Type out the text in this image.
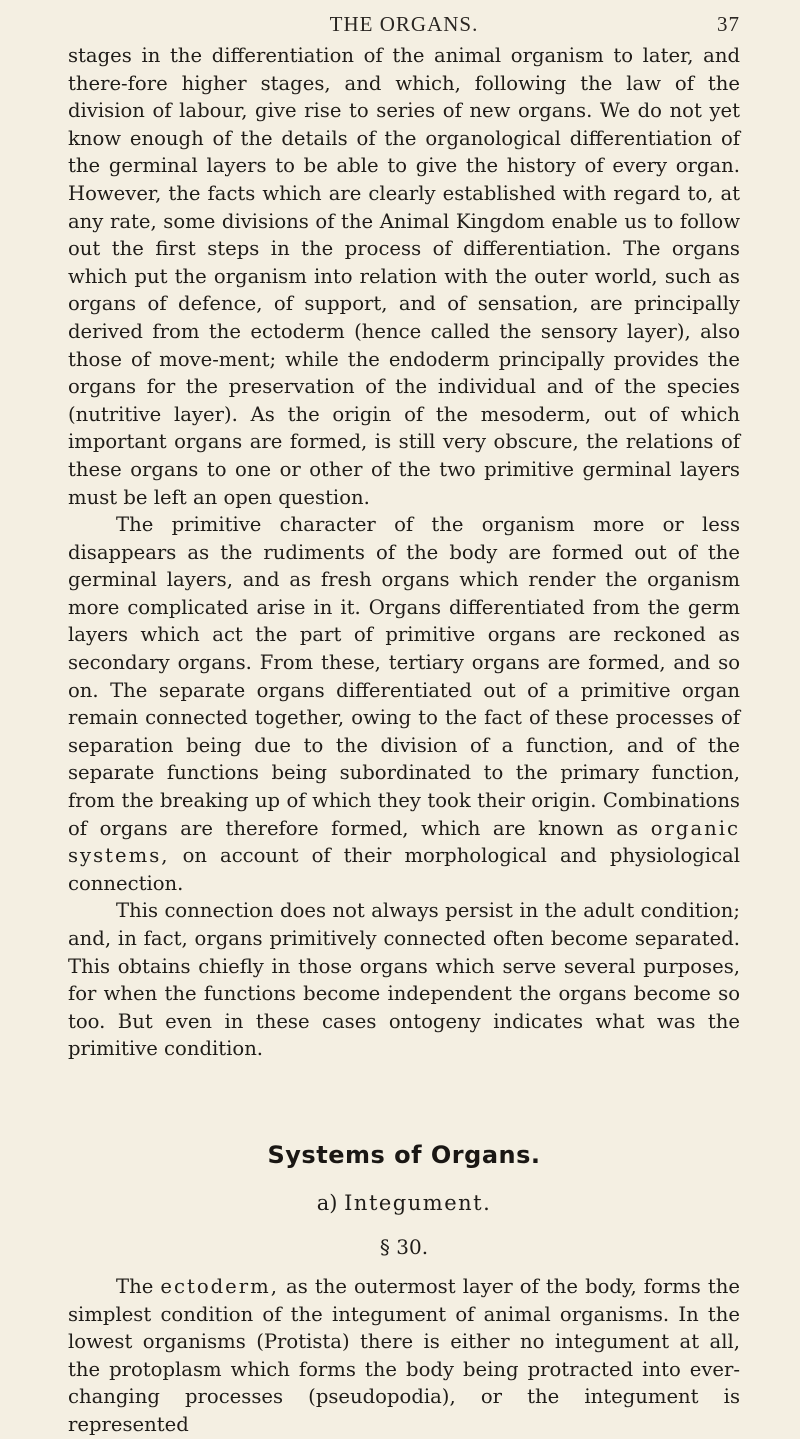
THE ORGANS.	37

stages in the differentiation of the animal organism to later, and there-fore higher stages, and which, following the law of the division of labour, give rise to series of new organs. We do not yet know enough of the details of the organological differentiation of the germinal layers to be able to give the history of every organ. However, the facts which are clearly established with regard to, at any rate, some divisions of the Animal Kingdom enable us to follow out the first steps in the process of differentiation. The organs which put the organism into relation with the outer world, such as organs of defence, of support, and of sensation, are principally derived from the ectoderm (hence called the sensory layer), also those of move-ment; while the endoderm principally provides the organs for the preservation of the individual and of the species (nutritive layer). As the origin of the mesoderm, out of which important organs are formed, is still very obscure, the relations of these organs to one or other of the two primitive germinal layers must be left an open question.

The primitive character of the organism more or less disappears as the rudiments of the body are formed out of the germinal layers, and as fresh organs which render the organism more complicated arise in it. Organs differentiated from the germ layers which act the part of primitive organs are reckoned as secondary organs. From these, tertiary organs are formed, and so on. The separate organs differentiated out of a primitive organ remain connected together, owing to the fact of these processes of separation being due to the division of a function, and of the separate functions being subordinated to the primary function, from the breaking up of which they took their origin. Combinations of organs are therefore formed, which are known as organic systems, on account of their morphological and physiological connection.

This connection does not always persist in the adult condition; and, in fact, organs primitively connected often become separated. This obtains chiefly in those organs which serve several purposes, for when the functions become independent the organs become so too. But even in these cases ontogeny indicates what was the primitive condition.

Systems of Organs.
a) Integument.
§ 30.

The ectoderm, as the outermost layer of the body, forms the simplest condition of the integument of animal organisms. In the lowest organisms (Protista) there is either no integument at all, the protoplasm which forms the body being protracted into ever-changing processes (pseudopodia), or the integument is represented
